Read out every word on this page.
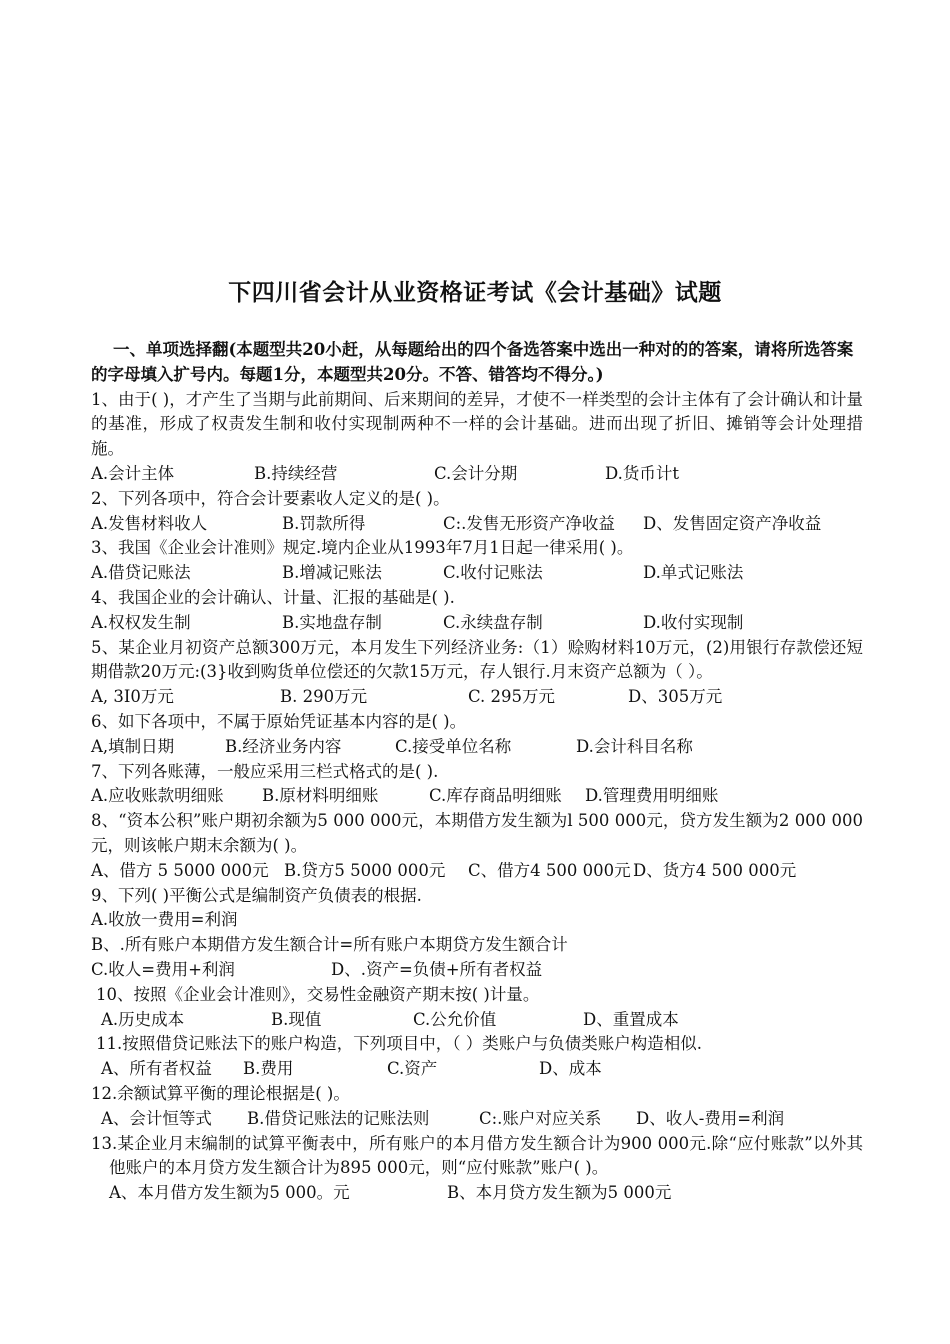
下四川省会计从业资格证考试《会计基础》试题
一、单项选择翻(本题型共20小赶，从每题给出的四个备选答案中选出一种对的的答案，请将所选答案的字母填入扩号内。每题1分，本题型共20分。不答、错答均不得分。)
1、由于( )，才产生了当期与此前期间、后来期间的差异，才使不一样类型的会计主体有了会计确认和计量的基准，形成了权责发生制和收付实现制两种不一样的会计基础。进而出现了折旧、摊销等会计处理措施。
A.会计主体	B.持续经营	C.会计分期	D.货币计t
2、下列各项中，符合会计要素收人定义的是( )。
A.发售材料收人	B.罚款所得	C:.发售无形资产净收益	D、发售固定资产净收益
3、我国《企业会计准则》规定.境内企业从1993年7月1日起一律采用( )。
A.借贷记账法	B.增减记账法	C.收付记账法	D.单式记账法
4、我国企业的会计确认、计量、汇报的基础是( ).
A.权权发生制	B.实地盘存制	C.永续盘存制	D.收付实现制
5、某企业月初资产总额300万元，本月发生下列经济业务:（1）赊购材料10万元，(2)用银行存款偿还短期借款20万元:(3}收到购货单位偿还的欠款15万元，存人银行.月末资产总额为（ ）。
A, 3I0万元	B. 290万元	C. 295万元	D、305万元
6、如下各项中，不属于原始凭证基本内容的是( )。
A,填制日期	B.经济业务内容	C.接受单位名称	D.会计科目名称
7、下列各账薄，一般应采用三栏式格式的是( ).
A.应收账款明细账	B.原材料明细账	C.库存商品明细账	D.管理费用明细账
8、“资本公积”账户期初余额为5 000 000元，本期借方发生额为l 500 000元，贷方发生额为2 000 000元，则该帐户期末余额为( )。
A、借方 5 5000 000元 B.贷方5 5000 000元	C、借方4 500 000元 D、货方4 500 000元
9、下列( )平衡公式是编制资产负债表的根据.
A.收放一费用=利润
B、.所有账户本期借方发生额合计=所有账户本期贷方发生额合计
C.收人=费用+利润	D、.资产=负债+所有者权益
10、按照《企业会计准则》，交易性金融资产期末按( )计量。
A.历史成本	B.现值	C.公允价值	D、重置成本
11.按照借贷记账法下的账户构造，下列项目中，（ ）类账户与负债类账户构造相似.
A、所有者权益	B.费用	C.资产	D、成本
12.余额试算平衡的理论根据是( )。
A、会计恒等式	B.借贷记账法的记账法则	C:.账户对应关系	D、收人-费用=利润
13.某企业月末编制的试算平衡表中，所有账户的本月借方发生额合计为900 000元.除“应付账款”以外其他账户的本月贷方发生额合计为895 000元，则“应付账款”账户( )。
A、本月借方发生额为5 000。元	B、本月贷方发生额为5 000元
